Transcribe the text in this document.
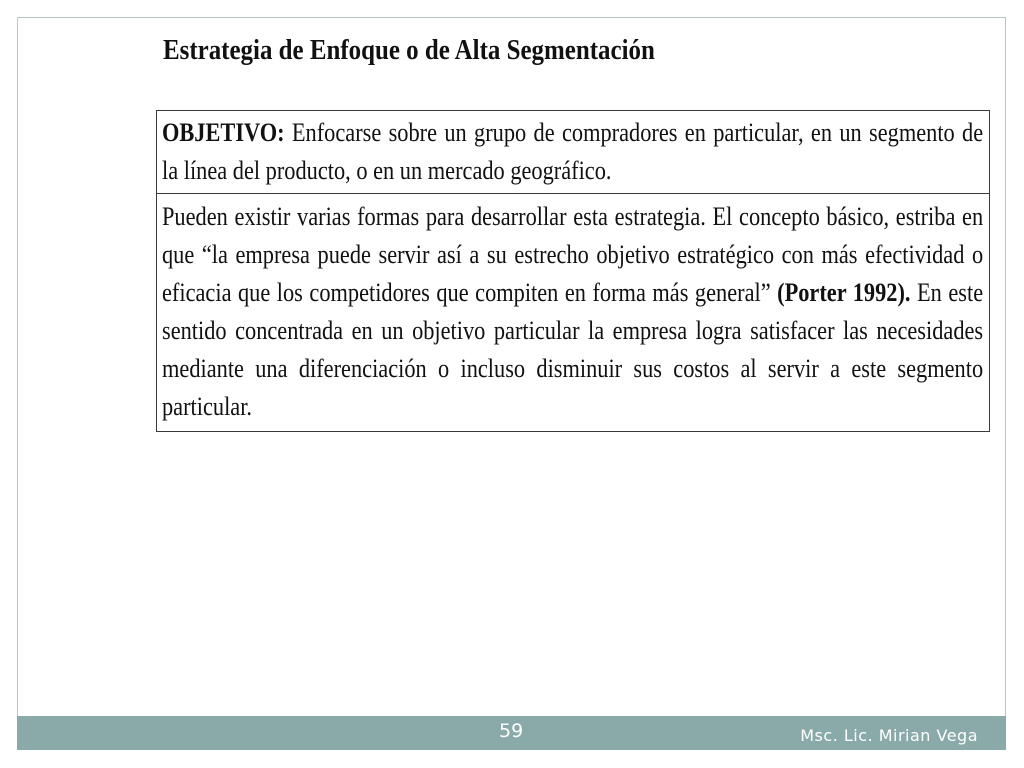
Estrategia de Enfoque o de Alta Segmentación
OBJETIVO: Enfocarse sobre un grupo de compradores en particular, en un segmento de la línea del producto, o en un mercado geográfico.

Pueden existir varias formas para desarrollar esta estrategia. El concepto básico, estriba en que “la empresa puede servir así a su estrecho objetivo estratégico con más efectividad o eficacia que los competidores que compiten en forma más general” (Porter 1992). En este sentido concentrada en un objetivo particular la empresa logra satisfacer las necesidades mediante una diferenciación o incluso disminuir sus costos al servir a este segmento particular.
59	Msc. Lic. Mirian Vega
